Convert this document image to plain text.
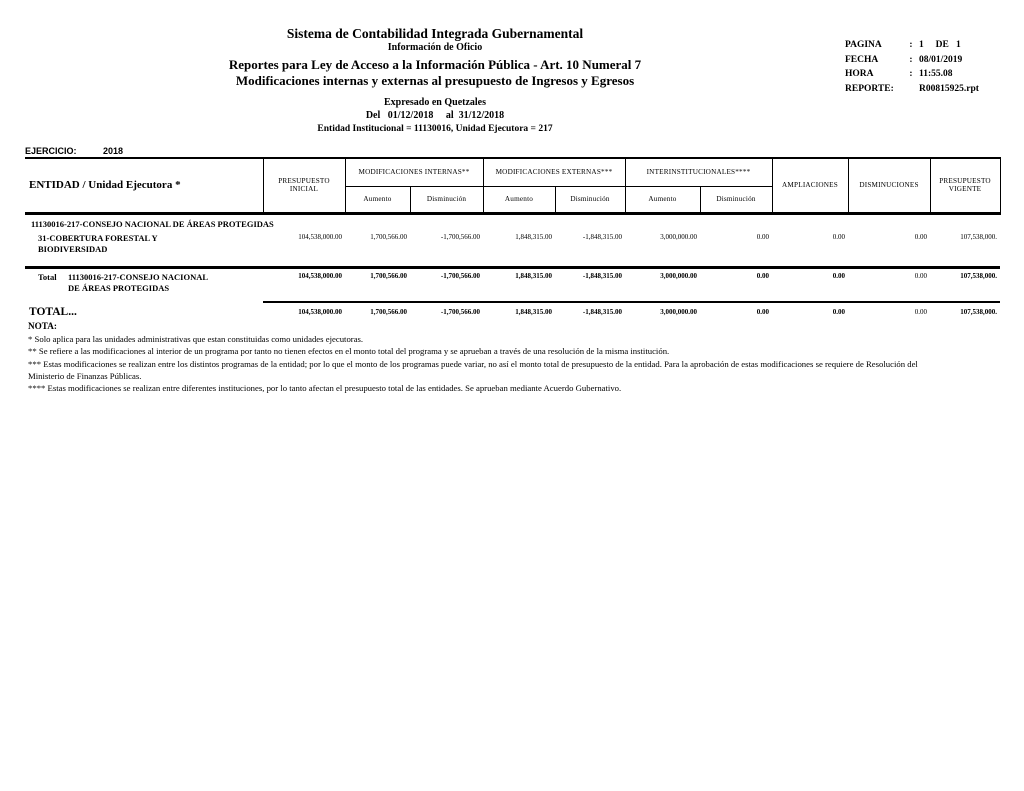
Sistema de Contabilidad Integrada Gubernamental
Información de Oficio
Reportes para Ley de Acceso a la Información Pública - Art. 10 Numeral 7
Modificaciones internas y externas al presupuesto de Ingresos y Egresos
Expresado en Quetzales
Del   01/12/2018     al  31/12/2018
Entidad Institucional = 11130016, Unidad Ejecutora = 217
PAGINA	: 1     DE   1
FECHA	: 08/01/2019
HORA	: 11:55.08
REPORTE:	R00815925.rpt
EJERCICIO:	2018
ENTIDAD / Unidad Ejecutora *	PRESUPUESTO INICIAL	MODIFICACIONES INTERNAS**		MODIFICACIONES EXTERNAS***		INTERINSTITUCIONALES****		AMPLIACIONES	DISMINUCIONES	PRESUPUESTO VIGENTE
		Aumento	Disminución	Aumento	Disminución	Aumento	Disminución			
11130016-217-CONSEJO NACIONAL DE ÁREAS PROTEGIDAS										

31-COBERTURA FORESTAL Y
BIODIVERSIDAD	104,538,000.00	1,700,566.00	-1,700,566.00	1,848,315.00	-1,848,315.00	3,000,000.00	0.00	0.00	0.00	107,538,000.

Total 11130016-217-CONSEJO NACIONAL
DE ÁREAS PROTEGIDAS	104,538,000.00	1,700,566.00	-1,700,566.00	1,848,315.00	-1,848,315.00	3,000,000.00	0.00	0.00	0.00	107,538,000.
TOTAL...	104,538,000.00	1,700,566.00	-1,700,566.00	1,848,315.00	-1,848,315.00	3,000,000.00	0.00	0.00	0.00	107,538,000.
NOTA:
* Solo aplica para las unidades administrativas que estan constituidas como unidades ejecutoras.
** Se refiere a las modificaciones al interior de un programa por tanto no tienen efectos en el monto total del programa y se aprueban a través de una resolución de la misma institución.
*** Estas modificaciones se realizan entre los distintos programas de la entidad; por lo que el monto de los programas puede variar, no así el monto total de presupuesto de la entidad. Para la aprobación de estas modificaciones se requiere de Resolución del Ministerio de Finanzas Públicas.
**** Estas modificaciones se realizan entre diferentes instituciones, por lo tanto afectan el presupuesto total de las entidades. Se aprueban mediante Acuerdo Gubernativo.
